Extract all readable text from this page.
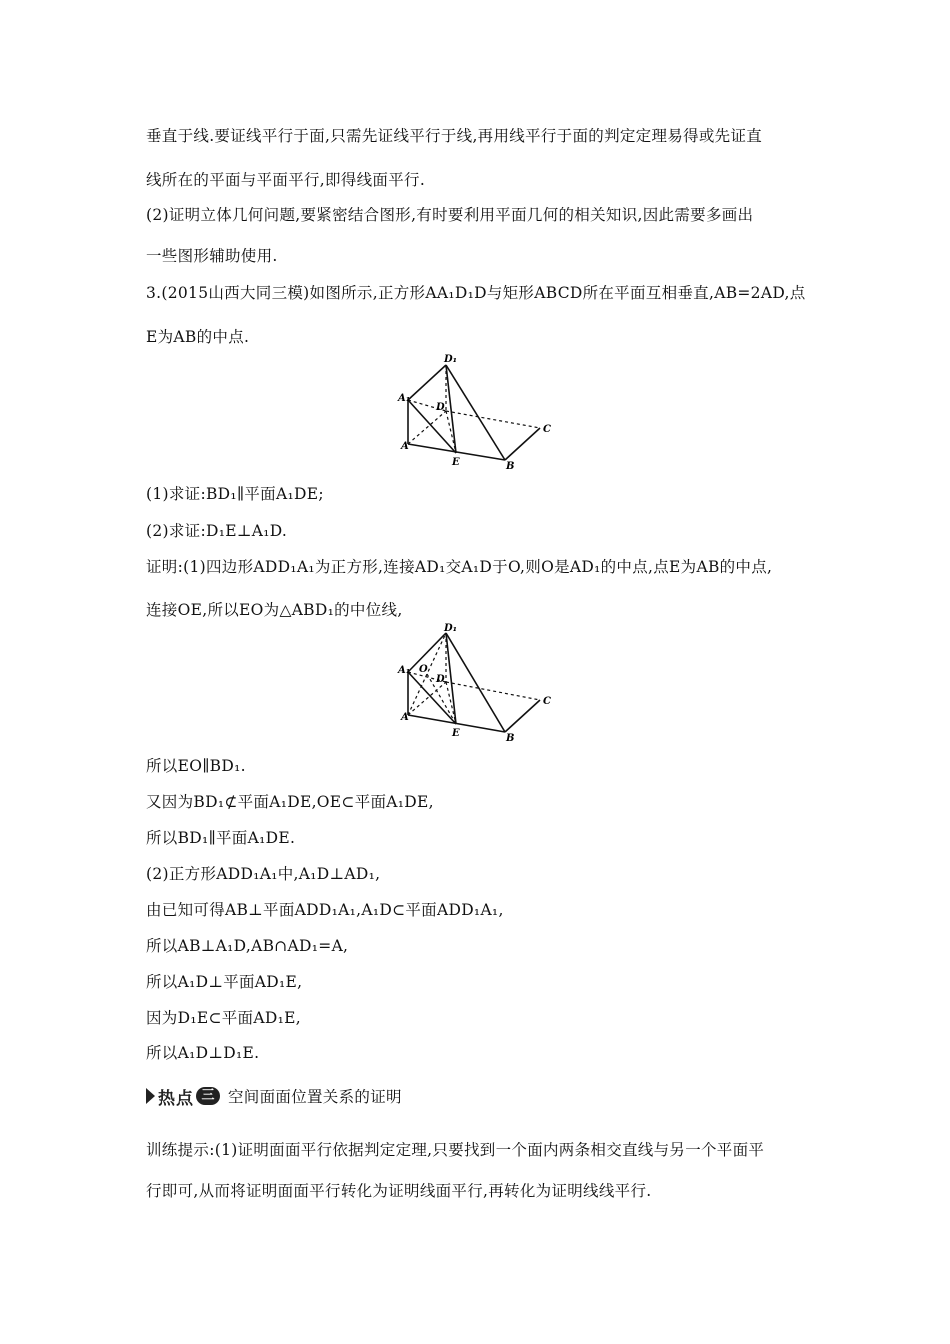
垂直于线.要证线平行于面,只需先证线平行于线,再用线平行于面的判定定理易得或先证直
线所在的平面与平面平行,即得线面平行.
(2)证明立体几何问题,要紧密结合图形,有时要利用平面几何的相关知识,因此需要多画出
一些图形辅助使用.
3.(2015山西大同三模)如图所示,正方形AA₁D₁D与矩形ABCD所在平面互相垂直,AB=2AD,点
E为AB的中点.
D₁
A₁
D
A
E	B
C
(1)求证:BD₁∥平面A₁DE;
(2)求证:D₁E⊥A₁D.
证明:(1)四边形ADD₁A₁为正方形,连接AD₁交A₁D于O,则O是AD₁的中点,点E为AB的中点,
连接OE,所以EO为△ABD₁的中位线,
D₁
A₁ O
D
A
E	B
C
所以EO∥BD₁.
又因为BD₁⊄平面A₁DE,OE⊂平面A₁DE,
所以BD₁∥平面A₁DE.
(2)正方形ADD₁A₁中,A₁D⊥AD₁,
由已知可得AB⊥平面ADD₁A₁,A₁D⊂平面ADD₁A₁,
所以AB⊥A₁D,AB∩AD₁=A,
所以A₁D⊥平面AD₁E,
因为D₁E⊂平面AD₁E,
所以A₁D⊥D₁E.
热点 三 空间面面位置关系的证明
训练提示:(1)证明面面平行依据判定定理,只要找到一个面内两条相交直线与另一个平面平
行即可,从而将证明面面平行转化为证明线面平行,再转化为证明线线平行.
